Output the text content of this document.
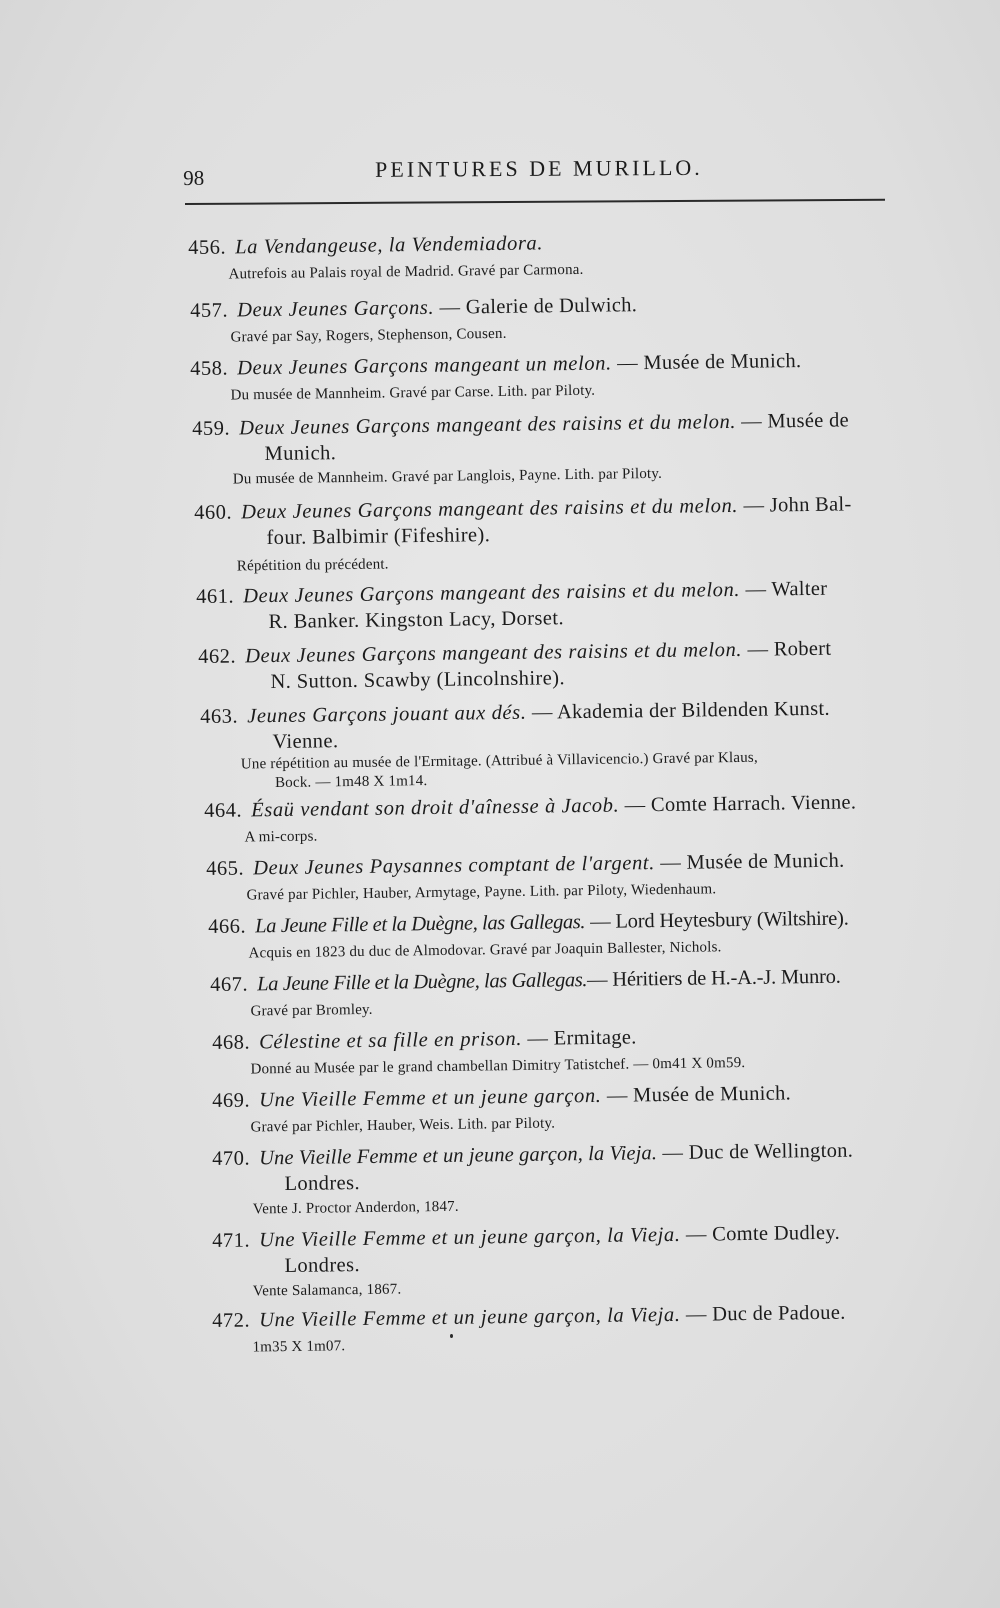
98	PEINTURES DE MURILLO.
456. La Vendangeuse, la Vendemiadora.
Autrefois au Palais royal de Madrid. Gravé par Carmona.
457. Deux Jeunes Garçons. — Galerie de Dulwich.
Gravé par Say, Rogers, Stephenson, Cousen.
458. Deux Jeunes Garçons mangeant un melon. — Musée de Munich.
Du musée de Mannheim. Gravé par Carse. Lith. par Piloty.
459. Deux Jeunes Garçons mangeant des raisins et du melon. — Musée de
Munich.
Du musée de Mannheim. Gravé par Langlois, Payne. Lith. par Piloty.
460. Deux Jeunes Garçons mangeant des raisins et du melon. — John Bal-
four. Balbimir (Fifeshire).
Répétition du précédent.
461. Deux Jeunes Garçons mangeant des raisins et du melon. — Walter
R. Banker. Kingston Lacy, Dorset.
462. Deux Jeunes Garçons mangeant des raisins et du melon. — Robert
N. Sutton. Scawby (Lincolnshire).
463. Jeunes Garçons jouant aux dés. — Akademia der Bildenden Kunst.
Vienne.
Une répétition au musée de l'Ermitage. (Attribué à Villavicencio.) Gravé par Klaus,
Bock. — 1m48 X 1m14.
464. Ésaü vendant son droit d'aînesse à Jacob. — Comte Harrach. Vienne.
A mi-corps.
465. Deux Jeunes Paysannes comptant de l'argent. — Musée de Munich.
Gravé par Pichler, Hauber, Armytage, Payne. Lith. par Piloty, Wiedenhaum.
466. La Jeune Fille et la Duègne, las Gallegas. — Lord Heytesbury (Wiltshire).
Acquis en 1823 du duc de Almodovar. Gravé par Joaquin Ballester, Nichols.
467. La Jeune Fille et la Duègne, las Gallegas.— Héritiers de H.-A.-J. Munro.
Gravé par Bromley.
468. Célestine et sa fille en prison. — Ermitage.
Donné au Musée par le grand chambellan Dimitry Tatistchef. — 0m41 X 0m59.
469. Une Vieille Femme et un jeune garçon. — Musée de Munich.
Gravé par Pichler, Hauber, Weis. Lith. par Piloty.
470. Une Vieille Femme et un jeune garçon, la Vieja. — Duc de Wellington.
Londres.
Vente J. Proctor Anderdon, 1847.
471. Une Vieille Femme et un jeune garçon, la Vieja. — Comte Dudley.
Londres.
Vente Salamanca, 1867.
472. Une Vieille Femme et un jeune garçon, la Vieja. — Duc de Padoue.
1m35 X 1m07.
